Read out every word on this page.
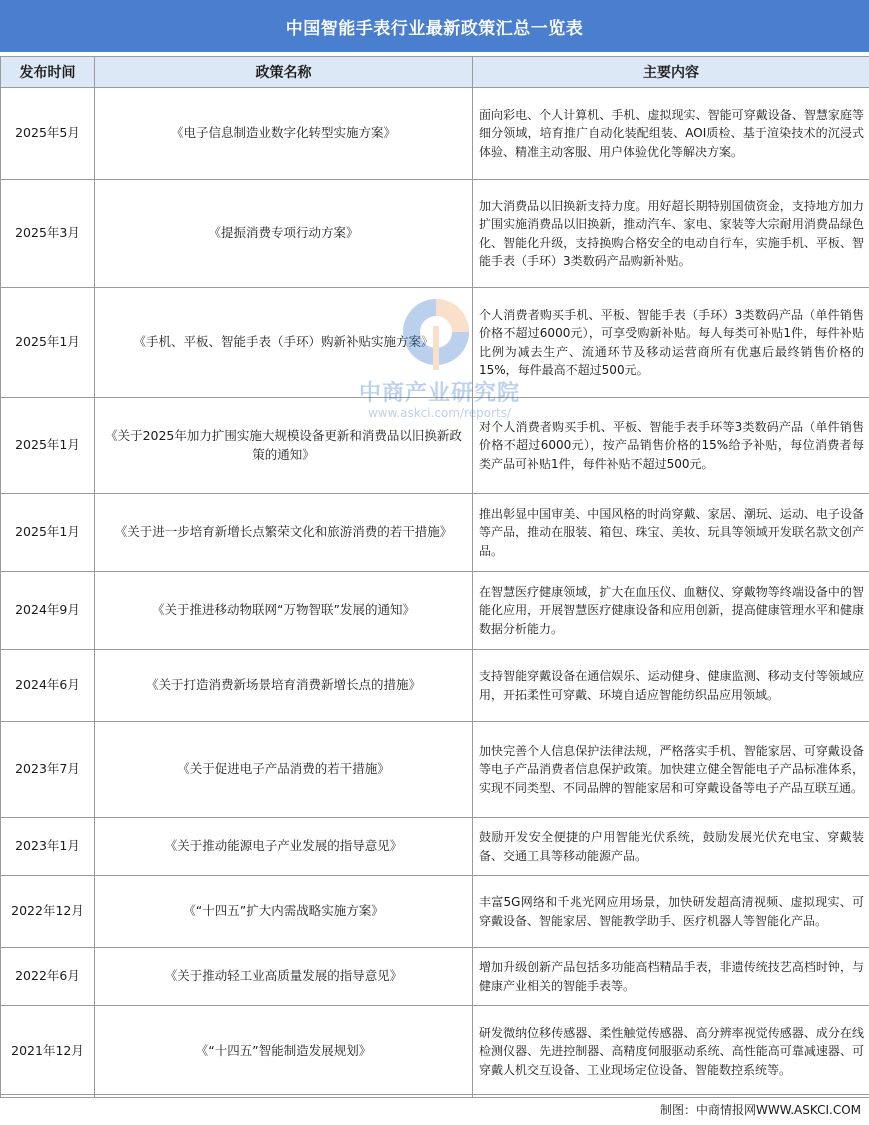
中国智能手表行业最新政策汇总一览表
发布时间	政策名称	主要内容
2025年5月	《电子信息制造业数字化转型实施方案》	面向彩电、个人计算机、手机、虚拟现实、智能可穿戴设备、智慧家庭等细分领域，培育推广自动化装配组装、AOI质检、基于渲染技术的沉浸式体验、精准主动客服、用户体验优化等解决方案。
2025年3月	《提振消费专项行动方案》	加大消费品以旧换新支持力度。用好超长期特别国债资金，支持地方加力扩围实施消费品以旧换新，推动汽车、家电、家装等大宗耐用消费品绿色化、智能化升级，支持换购合格安全的电动自行车，实施手机、平板、智能手表（手环）3类数码产品购新补贴。
2025年1月	《手机、平板、智能手表（手环）购新补贴实施方案》	个人消费者购买手机、平板、智能手表（手环）3类数码产品（单件销售价格不超过6000元），可享受购新补贴。每人每类可补贴1件，每件补贴比例为减去生产、流通环节及移动运营商所有优惠后最终销售价格的15%，每件最高不超过500元。
2025年1月	《关于2025年加力扩围实施大规模设备更新和消费品以旧换新政策的通知》	对个人消费者购买手机、平板、智能手表手环等3类数码产品（单件销售价格不超过6000元），按产品销售价格的15%给予补贴，每位消费者每类产品可补贴1件，每件补贴不超过500元。
2025年1月	《关于进一步培育新增长点繁荣文化和旅游消费的若干措施》	推出彰显中国审美、中国风格的时尚穿戴、家居、潮玩、运动、电子设备等产品，推动在服装、箱包、珠宝、美妆、玩具等领域开发联名款文创产品。
2024年9月	《关于推进移动物联网“万物智联”发展的通知》	在智慧医疗健康领域，扩大在血压仪、血糖仪、穿戴物等终端设备中的智能化应用，开展智慧医疗健康设备和应用创新，提高健康管理水平和健康数据分析能力。
2024年6月	《关于打造消费新场景培育消费新增长点的措施》	支持智能穿戴设备在通信娱乐、运动健身、健康监测、移动支付等领域应用，开拓柔性可穿戴、环境自适应智能纺织品应用领域。
2023年7月	《关于促进电子产品消费的若干措施》	加快完善个人信息保护法律法规，严格落实手机、智能家居、可穿戴设备等电子产品消费者信息保护政策。加快建立健全智能电子产品标准体系，实现不同类型、不同品牌的智能家居和可穿戴设备等电子产品互联互通。
2023年1月	《关于推动能源电子产业发展的指导意见》	鼓励开发安全便捷的户用智能光伏系统，鼓励发展光伏充电宝、穿戴装备、交通工具等移动能源产品。
2022年12月	《“十四五”扩大内需战略实施方案》	丰富5G网络和千兆光网应用场景，加快研发超高清视频、虚拟现实、可穿戴设备、智能家居、智能教学助手、医疗机器人等智能化产品。
2022年6月	《关于推动轻工业高质量发展的指导意见》	增加升级创新产品包括多功能高档精品手表，非遗传统技艺高档时钟，与健康产业相关的智能手表等。
2021年12月	《“十四五”智能制造发展规划》	研发微纳位移传感器、柔性触觉传感器、高分辨率视觉传感器、成分在线检测仪器、先进控制器、高精度伺服驱动系统、高性能高可靠减速器、可穿戴人机交互设备、工业现场定位设备、智能数控系统等。
中商产业研究院
www.askci.com/reports/
制图：中商情报网WWW.ASKCI.COM
